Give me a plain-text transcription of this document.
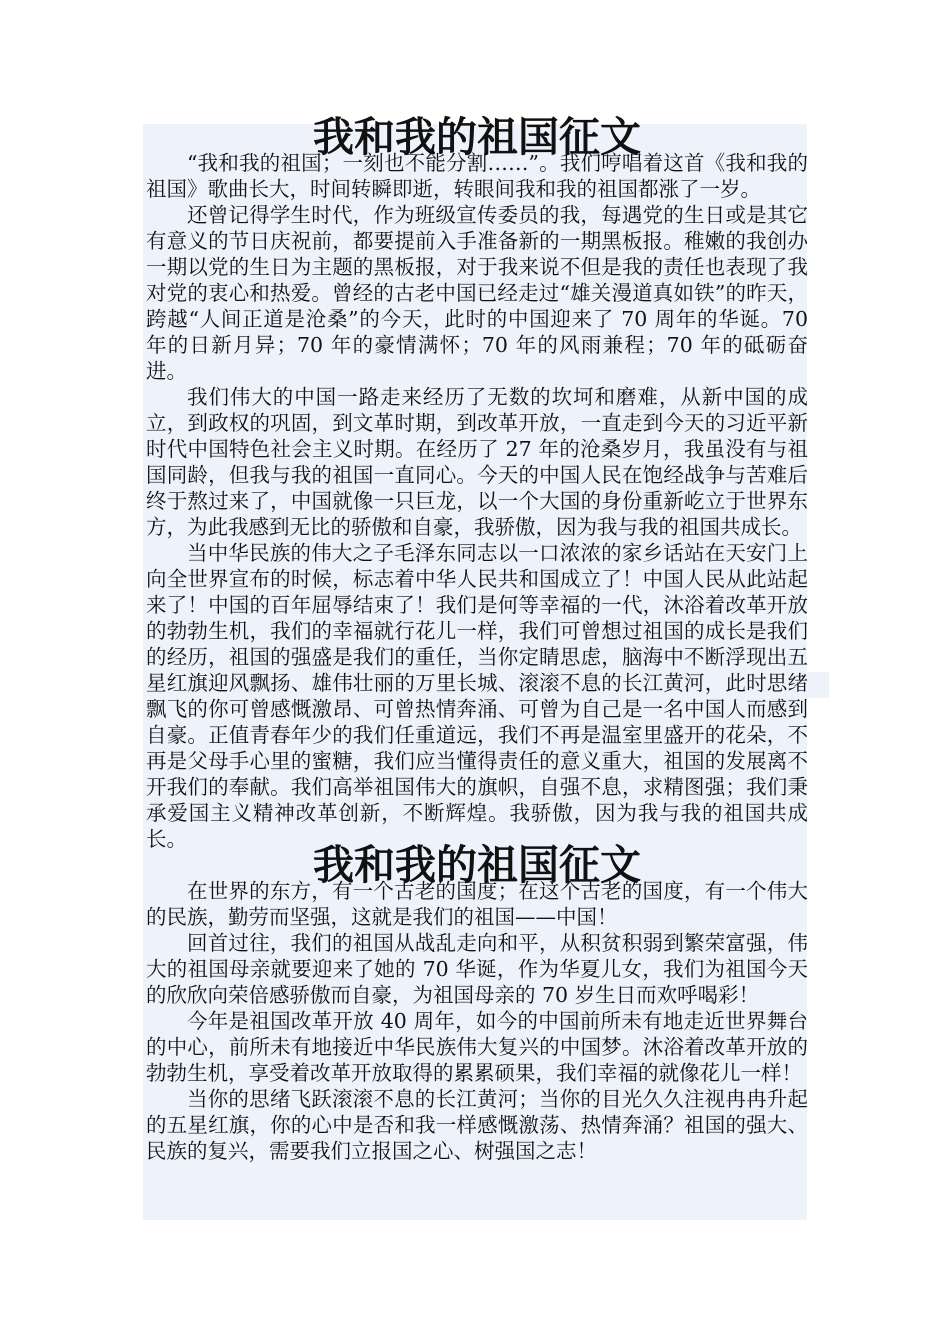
我和我的祖国征文

“我和我的祖国；一刻也不能分割……”。我们哼唱着这首《我和我的祖国》歌曲长大，时间转瞬即逝，转眼间我和我的祖国都涨了一岁。

还曾记得学生时代，作为班级宣传委员的我，每遇党的生日或是其它有意义的节日庆祝前，都要提前入手准备新的一期黑板报。稚嫩的我创办一期以党的生日为主题的黑板报，对于我来说不但是我的责任也表现了我对党的衷心和热爱。曾经的古老中国已经走过“雄关漫道真如铁”的昨天，跨越“人间正道是沧桑”的今天，此时的中国迎来了 70 周年的华诞。70 年的日新月异；70 年的豪情满怀；70 年的风雨兼程；70 年的砥砺奋进。

我们伟大的中国一路走来经历了无数的坎坷和磨难，从新中国的成立，到政权的巩固，到文革时期，到改革开放，一直走到今天的习近平新时代中国特色社会主义时期。在经历了 27 年的沧桑岁月，我虽没有与祖国同龄，但我与我的祖国一直同心。今天的中国人民在饱经战争与苦难后终于熬过来了，中国就像一只巨龙，以一个大国的身份重新屹立于世界东方，为此我感到无比的骄傲和自豪，我骄傲，因为我与我的祖国共成长。

当中华民族的伟大之子毛泽东同志以一口浓浓的家乡话站在天安门上向全世界宣布的时候，标志着中华人民共和国成立了！中国人民从此站起来了！中国的百年屈辱结束了！我们是何等幸福的一代，沐浴着改革开放的勃勃生机，我们的幸福就行花儿一样，我们可曾想过祖国的成长是我们的经历，祖国的强盛是我们的重任，当你定睛思虑，脑海中不断浮现出五星红旗迎风飘扬、雄伟壮丽的万里长城、滚滚不息的长江黄河，此时思绪飘飞的你可曾感慨激昂、可曾热情奔涌、可曾为自己是一名中国人而感到自豪。正值青春年少的我们任重道远，我们不再是温室里盛开的花朵，不再是父母手心里的蜜糖，我们应当懂得责任的意义重大，祖国的发展离不开我们的奉献。我们高举祖国伟大的旗帜，自强不息，求精图强；我们秉承爱国主义精神改革创新，不断辉煌。我骄傲，因为我与我的祖国共成长。

我和我的祖国征文

在世界的东方，有一个古老的国度；在这个古老的国度，有一个伟大的民族，勤劳而坚强，这就是我们的祖国——中国！

回首过往，我们的祖国从战乱走向和平，从积贫积弱到繁荣富强，伟大的祖国母亲就要迎来了她的 70 华诞，作为华夏儿女，我们为祖国今天的欣欣向荣倍感骄傲而自豪，为祖国母亲的 70 岁生日而欢呼喝彩！

今年是祖国改革开放 40 周年，如今的中国前所未有地走近世界舞台的中心，前所未有地接近中华民族伟大复兴的中国梦。沐浴着改革开放的勃勃生机，享受着改革开放取得的累累硕果，我们幸福的就像花儿一样！

当你的思绪飞跃滚滚不息的长江黄河；当你的目光久久注视冉冉升起的五星红旗，你的心中是否和我一样感慨激荡、热情奔涌？祖国的强大、民族的复兴，需要我们立报国之心、树强国之志！
